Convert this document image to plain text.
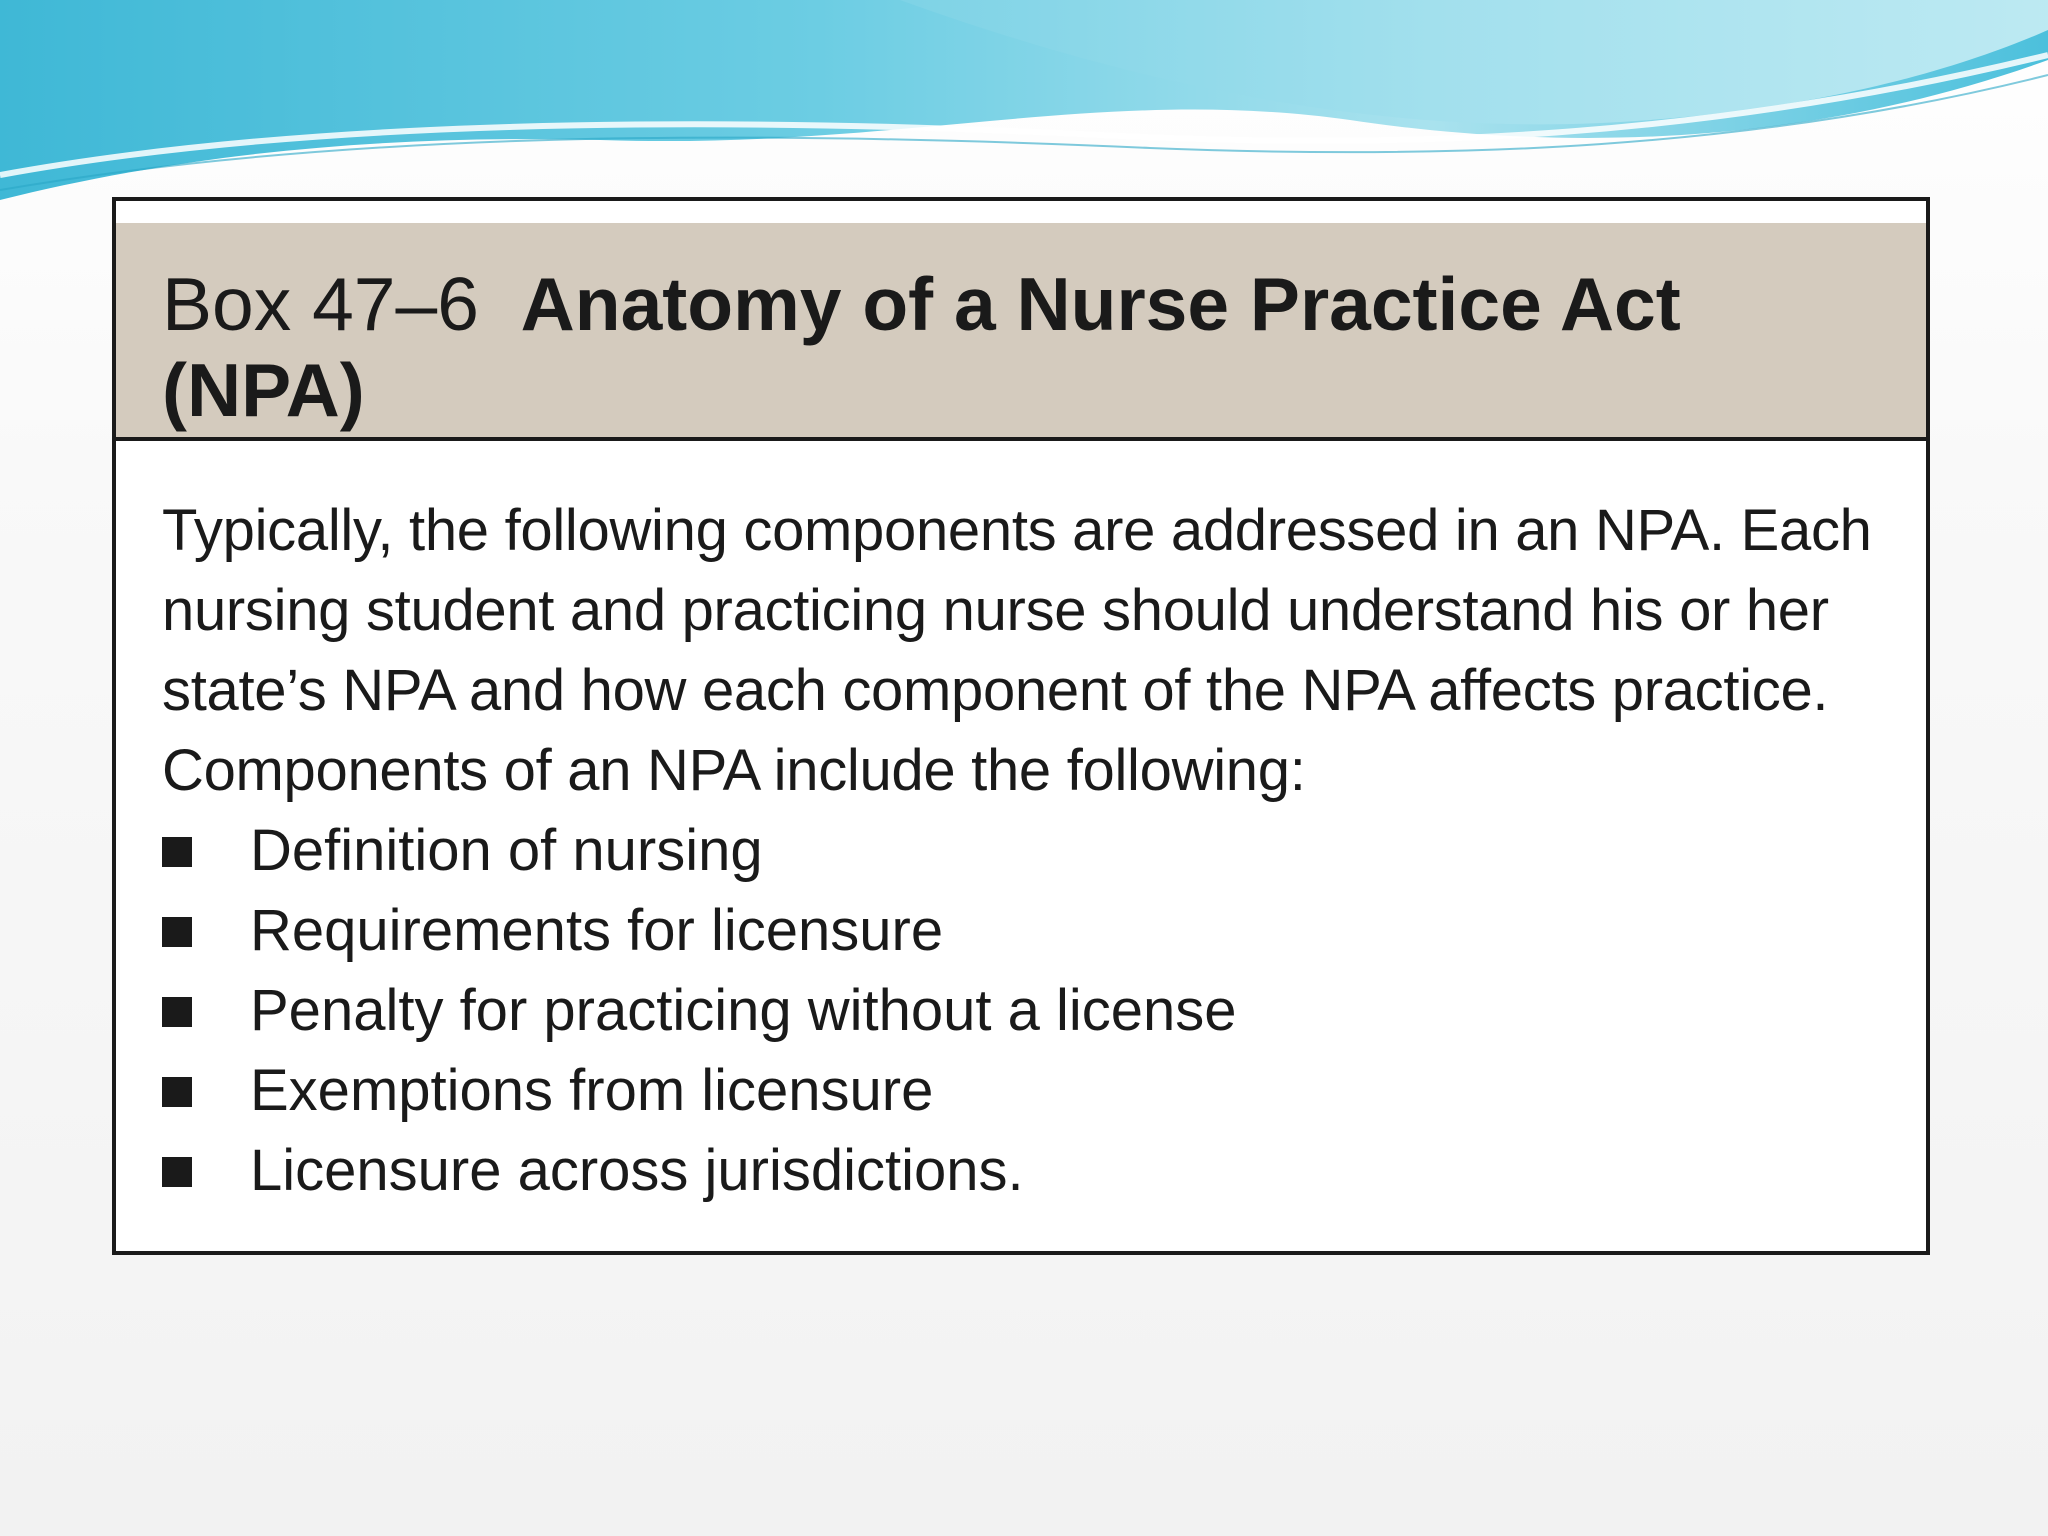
Box 47–6 Anatomy of a Nurse Practice Act (NPA)

Typically, the following components are addressed in an NPA. Each nursing student and practicing nurse should understand his or her state’s NPA and how each component of the NPA affects practice. Components of an NPA include the following:

Definition of nursing
Requirements for licensure
Penalty for practicing without a license
Exemptions from licensure
Licensure across jurisdictions.
